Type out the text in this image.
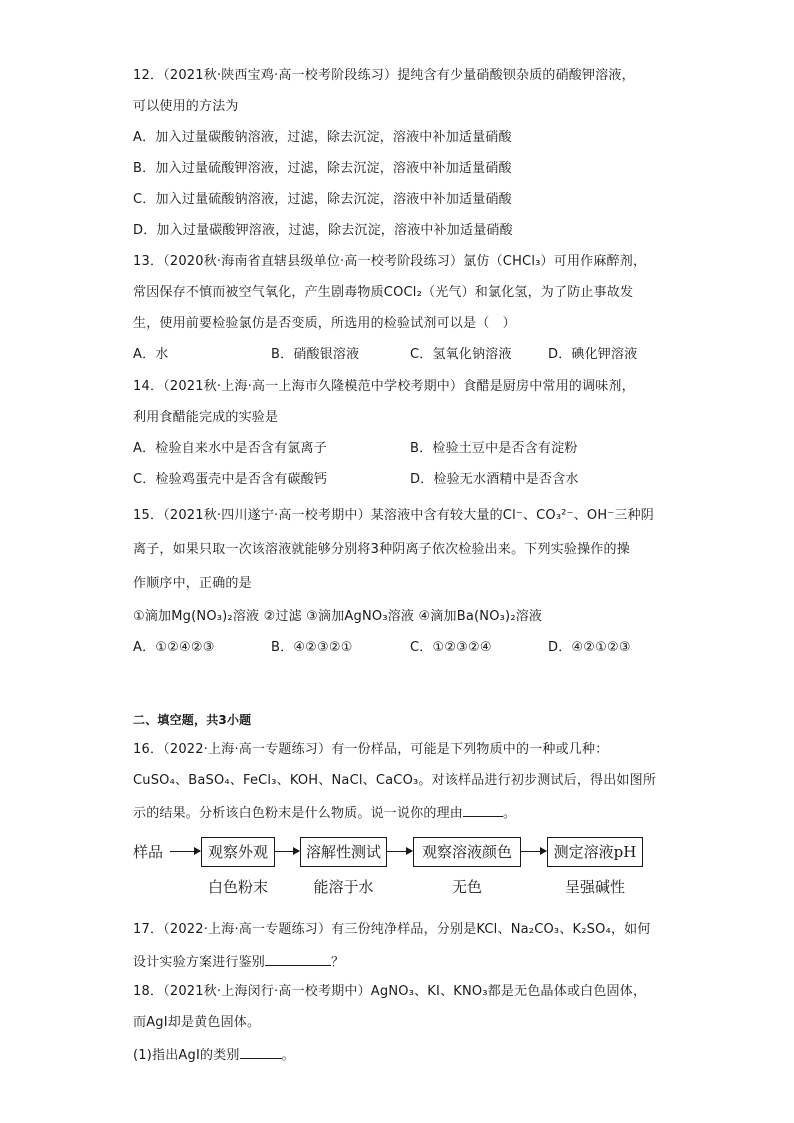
12．（2021秋·陕西宝鸡·高一校考阶段练习）提纯含有少量硝酸钡杂质的硝酸钾溶液，
可以使用的方法为
A．加入过量碳酸钠溶液，过滤，除去沉淀，溶液中补加适量硝酸
B．加入过量硫酸钾溶液，过滤，除去沉淀，溶液中补加适量硝酸
C．加入过量硫酸钠溶液，过滤，除去沉淀，溶液中补加适量硝酸
D．加入过量碳酸钾溶液，过滤，除去沉淀，溶液中补加适量硝酸
13．（2020秋·海南省直辖县级单位·高一校考阶段练习）氯仿（CHCl₃）可用作麻醉剂，
常因保存不慎而被空气氧化，产生剧毒物质COCl₂（光气）和氯化氢，为了防止事故发
生，使用前要检验氯仿是否变质，所选用的检验试剂可以是（　）
A．水	B．硝酸银溶液	C．氢氧化钠溶液	D．碘化钾溶液
14．（2021秋·上海·高一上海市久隆模范中学校考期中）食醋是厨房中常用的调味剂，
利用食醋能完成的实验是
A．检验自来水中是否含有氯离子	B．检验土豆中是否含有淀粉
C．检验鸡蛋壳中是否含有碳酸钙	D．检验无水酒精中是否含水
15．（2021秋·四川遂宁·高一校考期中）某溶液中含有较大量的Cl⁻、CO₃²⁻、OH⁻三种阴
离子，如果只取一次该溶液就能够分别将3种阴离子依次检验出来。下列实验操作的操
作顺序中，正确的是
①滴加Mg(NO₃)₂溶液 ②过滤 ③滴加AgNO₃溶液 ④滴加Ba(NO₃)₂溶液
A．①②④②③	B．④②③②①	C．①②③②④	D．④②①②③
二、填空题，共3小题
16．（2022·上海·高一专题练习）有一份样品，可能是下列物质中的一种或几种：
CuSO₄、BaSO₄、FeCl₃、KOH、NaCl、CaCO₃。对该样品进行初步测试后，得出如图所
示的结果。分析该白色粉末是什么物质。说一说你的理由	。
样品	观察外观	溶解性测试	观察溶液颜色	测定溶液pH
白色粉末	能溶于水	无色	呈强碱性
17．（2022·上海·高一专题练习）有三份纯净样品，分别是KCl、Na₂CO₃、K₂SO₄，如何
设计实验方案进行鉴别	？
18．（2021秋·上海闵行·高一校考期中）AgNO₃、KI、KNO₃都是无色晶体或白色固体，
而AgI却是黄色固体。
(1)指出AgI的类别	。
